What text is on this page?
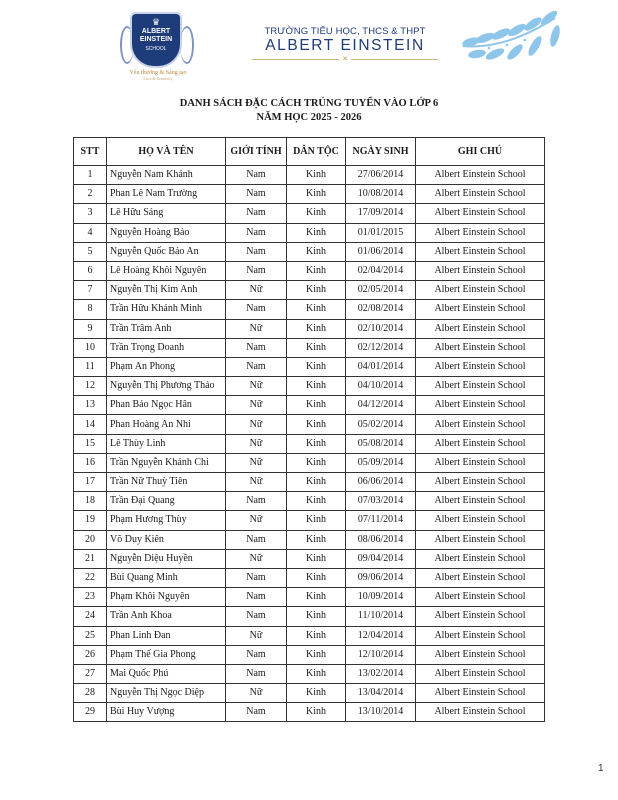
♛
ALBERT
EINSTEIN
SCHOOL
Yêu thương & Sáng tạo
Love & Creativity
TRƯỜNG TIỂU HỌC, THCS & THPT
ALBERT EINSTEIN
✕
DANH SÁCH ĐẶC CÁCH TRÚNG TUYỂN VÀO LỚP 6
NĂM HỌC 2025 - 2026
STT	HỌ VÀ TÊN	GIỚI TÍNH	DÂN TỘC	NGÀY SINH	GHI CHÚ
1	Nguyễn Nam Khánh	Nam	Kinh	27/06/2014	Albert Einstein School
2	Phan Lê Nam Trường	Nam	Kinh	10/08/2014	Albert Einstein School
3	Lê Hữu Sáng	Nam	Kinh	17/09/2014	Albert Einstein School
4	Nguyễn Hoàng Bảo	Nam	Kinh	01/01/2015	Albert Einstein School
5	Nguyễn Quốc Bảo An	Nam	Kinh	01/06/2014	Albert Einstein School
6	Lê Hoàng Khôi Nguyên	Nam	Kinh	02/04/2014	Albert Einstein School
7	Nguyễn Thị Kim Anh	Nữ	Kinh	02/05/2014	Albert Einstein School
8	Trần Hữu Khánh Minh	Nam	Kinh	02/08/2014	Albert Einstein School
9	Trần Trâm Anh	Nữ	Kinh	02/10/2014	Albert Einstein School
10	Trần Trọng Doanh	Nam	Kinh	02/12/2014	Albert Einstein School
11	Phạm An Phong	Nam	Kinh	04/01/2014	Albert Einstein School
12	Nguyễn Thị Phương Thảo	Nữ	Kinh	04/10/2014	Albert Einstein School
13	Phan Bảo Ngọc Hân	Nữ	Kinh	04/12/2014	Albert Einstein School
14	Phan Hoàng An Nhi	Nữ	Kinh	05/02/2014	Albert Einstein School
15	Lê Thùy Linh	Nữ	Kinh	05/08/2014	Albert Einstein School
16	Trần Nguyễn Khánh Chi	Nữ	Kinh	05/09/2014	Albert Einstein School
17	Trần Nữ Thuỳ Tiên	Nữ	Kinh	06/06/2014	Albert Einstein School
18	Trần Đại Quang	Nam	Kinh	07/03/2014	Albert Einstein School
19	Phạm Hương Thùy	Nữ	Kinh	07/11/2014	Albert Einstein School
20	Võ Duy Kiên	Nam	Kinh	08/06/2014	Albert Einstein School
21	Nguyễn Diệu Huyền	Nữ	Kinh	09/04/2014	Albert Einstein School
22	Bùi Quang Minh	Nam	Kinh	09/06/2014	Albert Einstein School
23	Phạm Khôi Nguyên	Nam	Kinh	10/09/2014	Albert Einstein School
24	Trần Anh Khoa	Nam	Kinh	11/10/2014	Albert Einstein School
25	Phan Linh Đan	Nữ	Kinh	12/04/2014	Albert Einstein School
26	Phạm Thế Gia Phong	Nam	Kinh	12/10/2014	Albert Einstein School
27	Mai Quốc Phú	Nam	Kinh	13/02/2014	Albert Einstein School
28	Nguyễn Thị Ngọc Diệp	Nữ	Kinh	13/04/2014	Albert Einstein School
29	Bùi Huy Vượng	Nam	Kinh	13/10/2014	Albert Einstein School
1
